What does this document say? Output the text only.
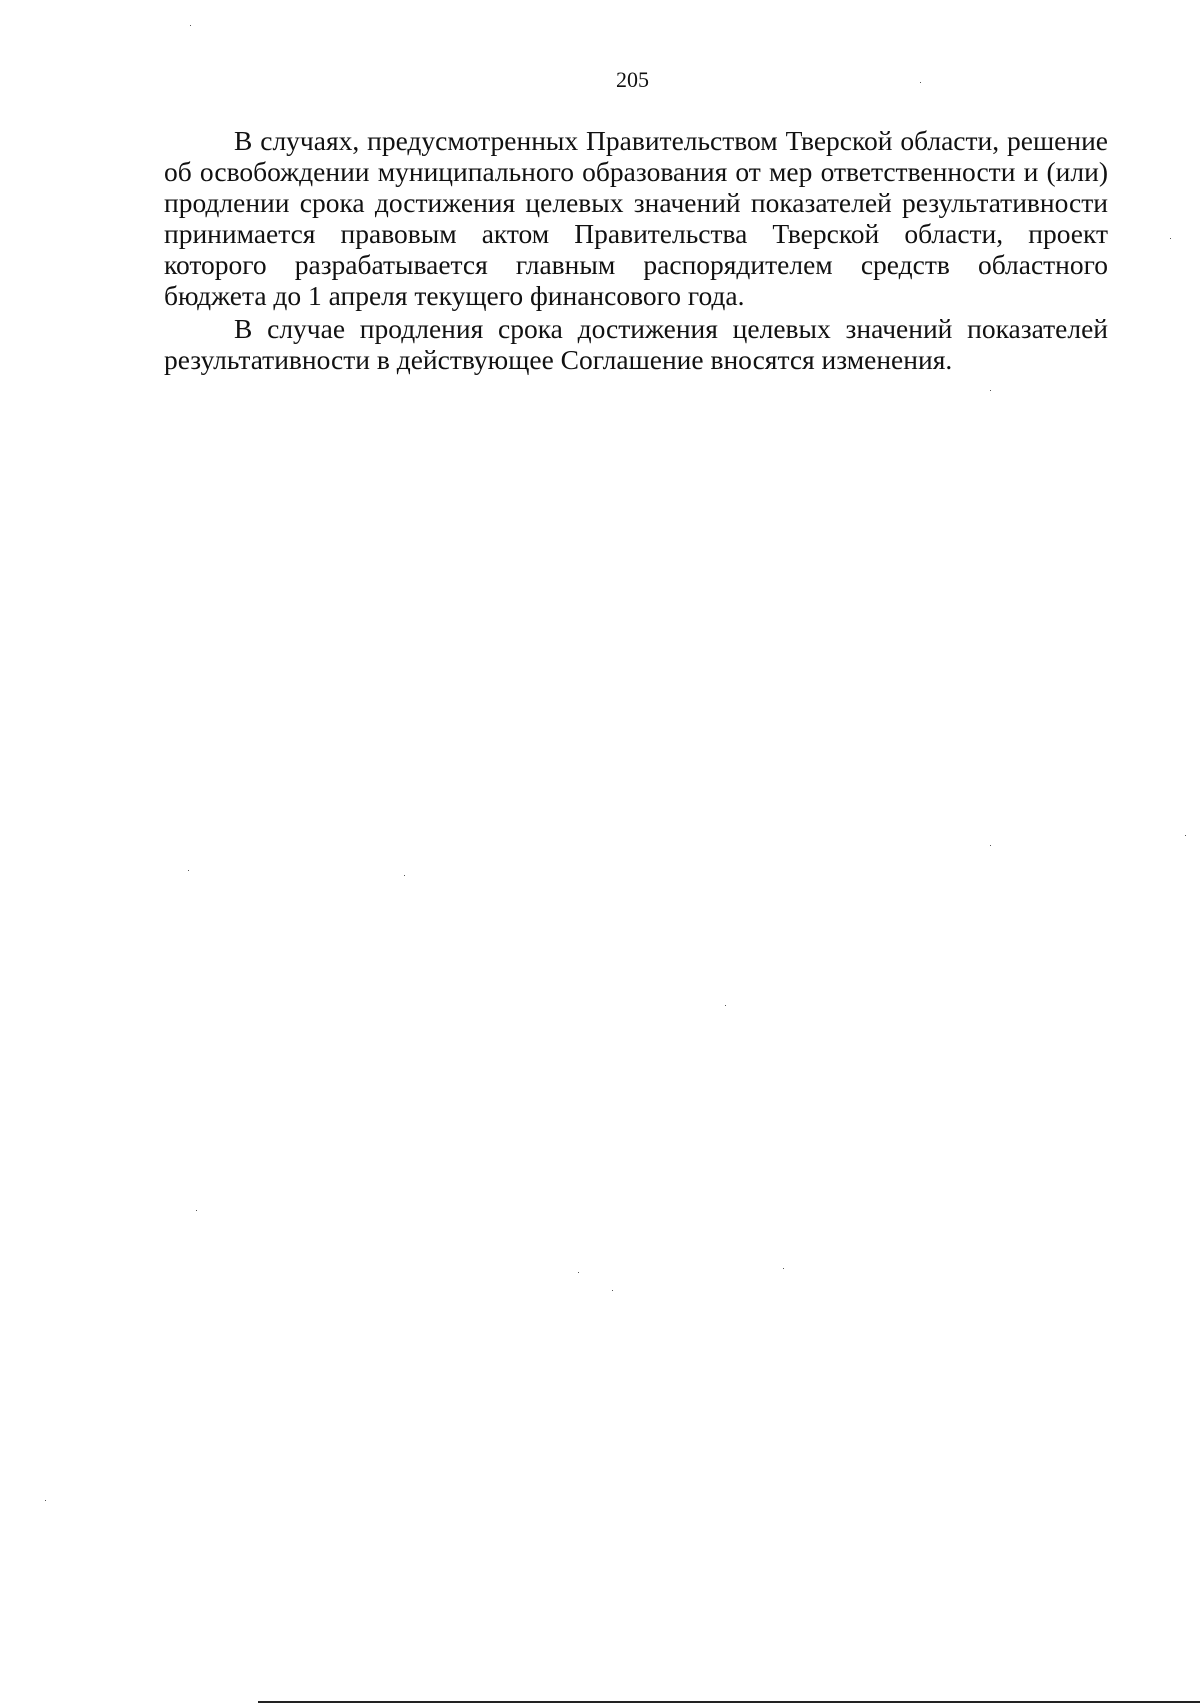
205

В случаях, предусмотренных Правительством Тверской области, решение об освобождении муниципального образования от мер ответственности и (или) продлении срока достижения целевых значений показателей результативности принимается правовым актом Правительства Тверской области, проект которого разрабатывается главным распорядителем средств областного бюджета до 1 апреля текущего финансового года.

В случае продления срока достижения целевых значений показателей результативности в действующее Соглашение вносятся изменения.
